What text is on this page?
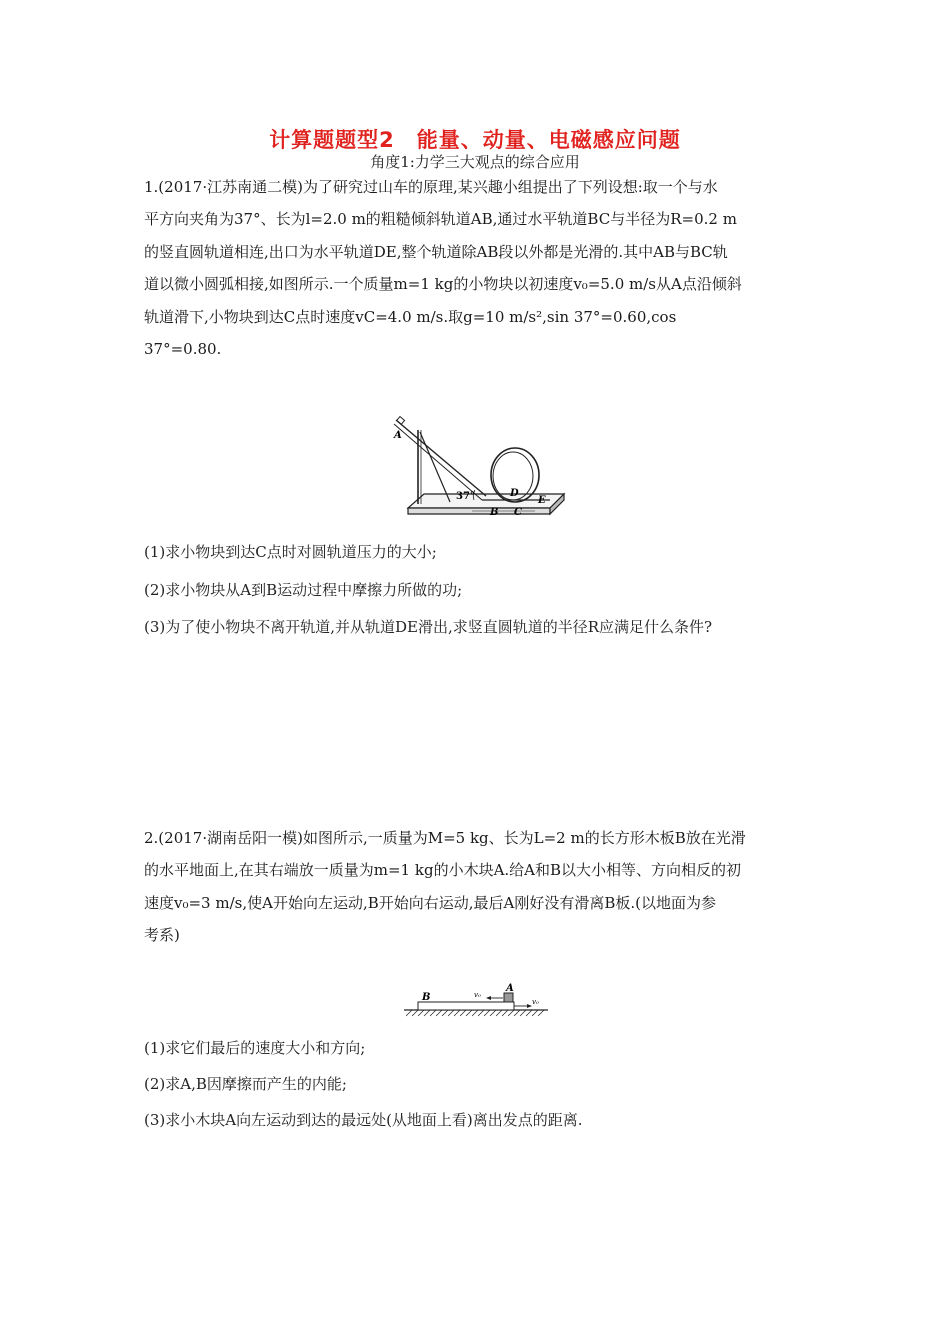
计算题题型2　能量、动量、电磁感应问题
角度1:力学三大观点的综合应用
1.(2017·江苏南通二模)为了研究过山车的原理,某兴趣小组提出了下列设想:取一个与水
平方向夹角为37°、长为l=2.0 m的粗糙倾斜轨道AB,通过水平轨道BC与半径为R=0.2 m
的竖直圆轨道相连,出口为水平轨道DE,整个轨道除AB段以外都是光滑的.其中AB与BC轨
道以微小圆弧相接,如图所示.一个质量m=1 kg的小物块以初速度v₀=5.0 m/s从A点沿倾斜
轨道滑下,小物块到达C点时速度vC=4.0 m/s.取g=10 m/s²,sin 37°=0.60,cos
37°=0.80.
A
37°	D
E
B C
(1)求小物块到达C点时对圆轨道压力的大小;
(2)求小物块从A到B运动过程中摩擦力所做的功;
(3)为了使小物块不离开轨道,并从轨道DE滑出,求竖直圆轨道的半径R应满足什么条件?
2.(2017·湖南岳阳一模)如图所示,一质量为M=5 kg、长为L=2 m的长方形木板B放在光滑
的水平地面上,在其右端放一质量为m=1 kg的小木块A.给A和B以大小相等、方向相反的初
速度v₀=3 m/s,使A开始向左运动,B开始向右运动,最后A刚好没有滑离B板.(以地面为参
考系)
B
A
v₀
v₀
(1)求它们最后的速度大小和方向;
(2)求A,B因摩擦而产生的内能;
(3)求小木块A向左运动到达的最远处(从地面上看)离出发点的距离.
